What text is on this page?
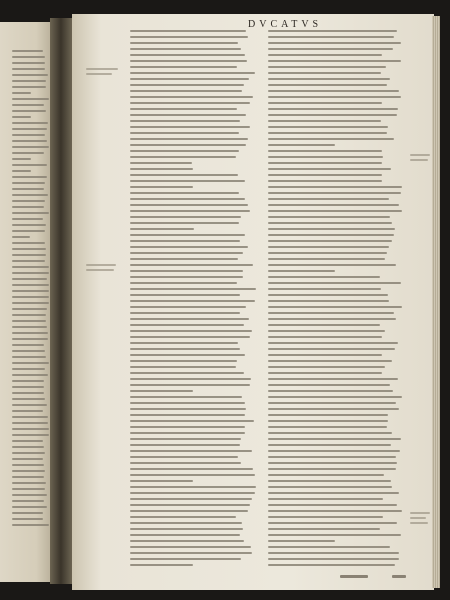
DVCATVS
